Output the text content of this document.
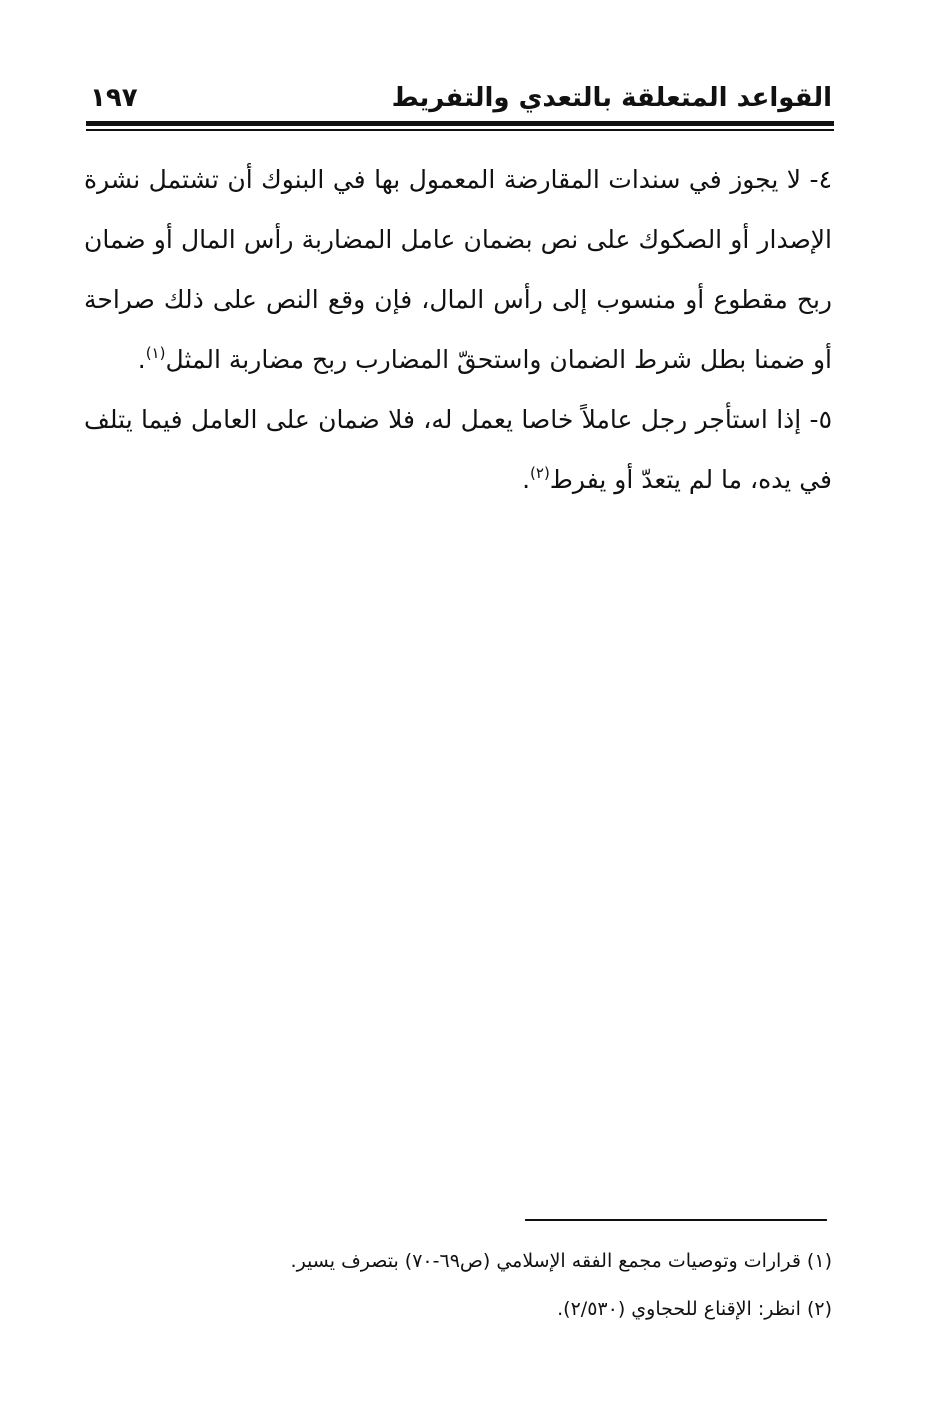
القواعد المتعلقة بالتعدي والتفريط
١٩٧

٤- لا يجوز في سندات المقارضة المعمول بها في البنوك أن تشتمل نشرة الإصدار أو الصكوك على نص بضمان عامل المضاربة رأس المال أو ضمان ربح مقطوع أو منسوب إلى رأس المال، فإن وقع النص على ذلك صراحة أو ضمنا بطل شرط الضمان واستحقّ المضارب ربح مضاربة المثل$^{(١)}$.

٥- إذا استأجر رجل عاملاً خاصا يعمل له، فلا ضمان على العامل فيما يتلف في يده، ما لم يتعدّ أو يفرط$^{(٢)}$.

(١) قرارات وتوصيات مجمع الفقه الإسلامي (ص٦٩-٧٠) بتصرف يسير.

(٢) انظر: الإقناع للحجاوي (٢/٥٣٠).
